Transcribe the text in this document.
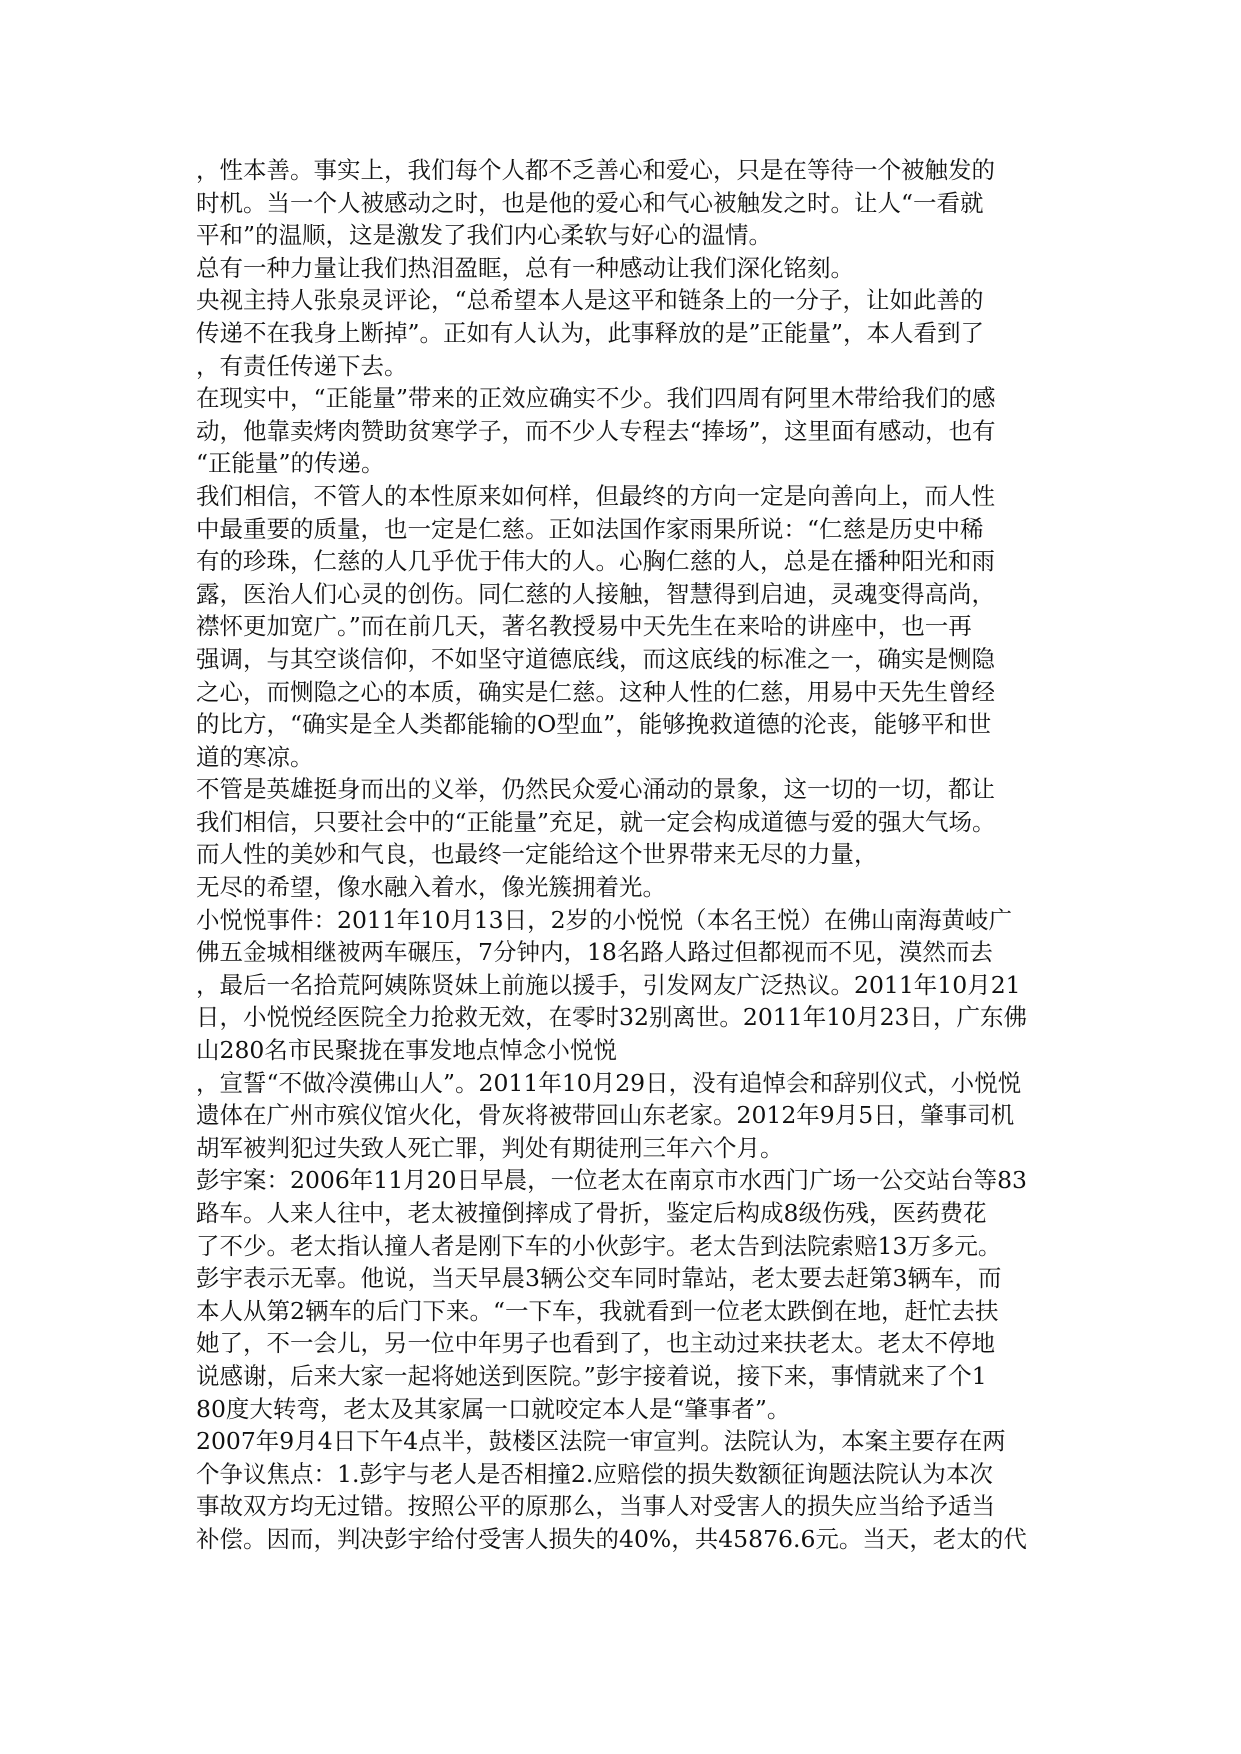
，性本善。事实上，我们每个人都不乏善心和爱心，只是在等待一个被触发的
时机。当一个人被感动之时，也是他的爱心和气心被触发之时。让人“一看就
平和”的温顺，这是激发了我们内心柔软与好心的温情。
总有一种力量让我们热泪盈眶，总有一种感动让我们深化铭刻。
央视主持人张泉灵评论，“总希望本人是这平和链条上的一分子，让如此善的
传递不在我身上断掉”。正如有人认为，此事释放的是”正能量”，本人看到了
，有责任传递下去。
在现实中，“正能量”带来的正效应确实不少。我们四周有阿里木带给我们的感
动，他靠卖烤肉赞助贫寒学子，而不少人专程去“捧场”，这里面有感动，也有
“正能量”的传递。
我们相信，不管人的本性原来如何样，但最终的方向一定是向善向上，而人性
中最重要的质量，也一定是仁慈。正如法国作家雨果所说：“仁慈是历史中稀
有的珍珠，仁慈的人几乎优于伟大的人。心胸仁慈的人，总是在播种阳光和雨
露，医治人们心灵的创伤。同仁慈的人接触，智慧得到启迪，灵魂变得高尚，
襟怀更加宽广。”而在前几天，著名教授易中天先生在来哈的讲座中，也一再
强调，与其空谈信仰，不如坚守道德底线，而这底线的标准之一，确实是恻隐
之心，而恻隐之心的本质，确实是仁慈。这种人性的仁慈，用易中天先生曾经
的比方，“确实是全人类都能输的O型血”，能够挽救道德的沦丧，能够平和世
道的寒凉。
不管是英雄挺身而出的义举，仍然民众爱心涌动的景象，这一切的一切，都让
我们相信，只要社会中的“正能量”充足，就一定会构成道德与爱的强大气场。
而人性的美妙和气良，也最终一定能给这个世界带来无尽的力量，
无尽的希望，像水融入着水，像光簇拥着光。
小悦悦事件：2011年10月13日，2岁的小悦悦（本名王悦）在佛山南海黄岐广
佛五金城相继被两车碾压，7分钟内，18名路人路过但都视而不见，漠然而去
，最后一名拾荒阿姨陈贤妹上前施以援手，引发网友广泛热议。2011年10月21
日，小悦悦经医院全力抢救无效，在零时32别离世。2011年10月23日，广东佛
山280名市民聚拢在事发地点悼念小悦悦
，宣誓“不做冷漠佛山人”。2011年10月29日，没有追悼会和辞别仪式，小悦悦
遗体在广州市殡仪馆火化，骨灰将被带回山东老家。2012年9月5日，肇事司机
胡军被判犯过失致人死亡罪，判处有期徒刑三年六个月。
彭宇案：2006年11月20日早晨，一位老太在南京市水西门广场一公交站台等83
路车。人来人往中，老太被撞倒摔成了骨折，鉴定后构成8级伤残，医药费花
了不少。老太指认撞人者是刚下车的小伙彭宇。老太告到法院索赔13万多元。
彭宇表示无辜。他说，当天早晨3辆公交车同时靠站，老太要去赶第3辆车，而
本人从第2辆车的后门下来。“一下车，我就看到一位老太跌倒在地，赶忙去扶
她了，不一会儿，另一位中年男子也看到了，也主动过来扶老太。老太不停地
说感谢，后来大家一起将她送到医院。”彭宇接着说，接下来，事情就来了个1
80度大转弯，老太及其家属一口就咬定本人是“肇事者”。
2007年9月4日下午4点半，鼓楼区法院一审宣判。法院认为，本案主要存在两
个争议焦点：1.彭宇与老人是否相撞2.应赔偿的损失数额征询题法院认为本次
事故双方均无过错。按照公平的原那么，当事人对受害人的损失应当给予适当
补偿。因而，判决彭宇给付受害人损失的40%，共45876.6元。当天，老太的代
